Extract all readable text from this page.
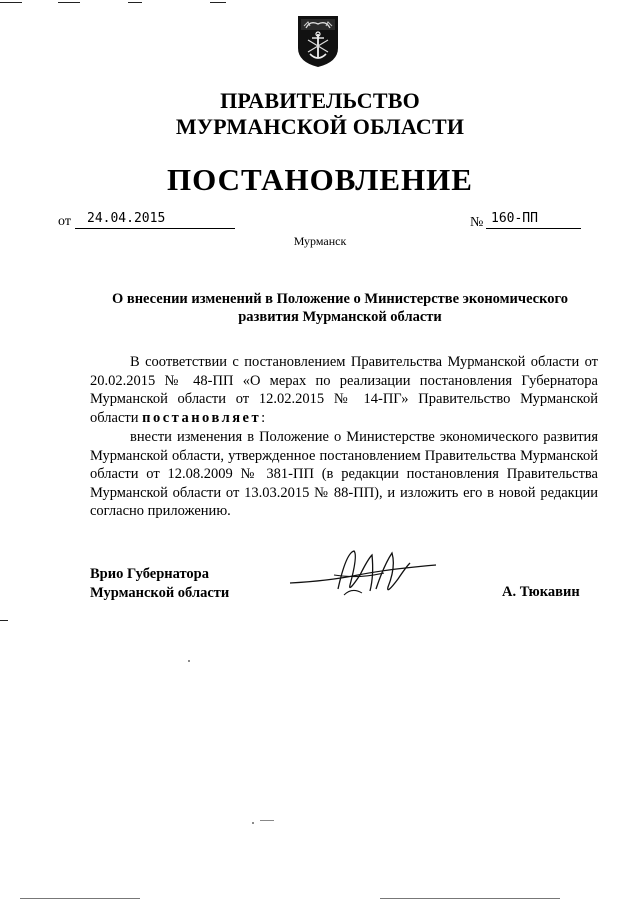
ПРАВИТЕЛЬСТВО
МУРМАНСКОЙ ОБЛАСТИ
ПОСТАНОВЛЕНИЕ
от	24.04.2015	№ 160-ПП
Мурманск
О внесении изменений в Положение о Министерстве экономического развития Мурманской области

В соответствии с постановлением Правительства Мурманской области от 20.02.2015 № 48-ПП «О мерах по реализации постановления Губернатора Мурманской области от 12.02.2015 № 14-ПГ» Правительство Мурманской области постановляет:

внести изменения в Положение о Министерстве экономического развития Мурманской области, утвержденное постановлением Правительства Мурманской области от 12.08.2009 № 381-ПП (в редакции постановления Правительства Мурманской области от 13.03.2015 № 88-ПП), и изложить его в новой редакции согласно приложению.

Врио Губернатора
Мурманской области	А. Тюкавин
